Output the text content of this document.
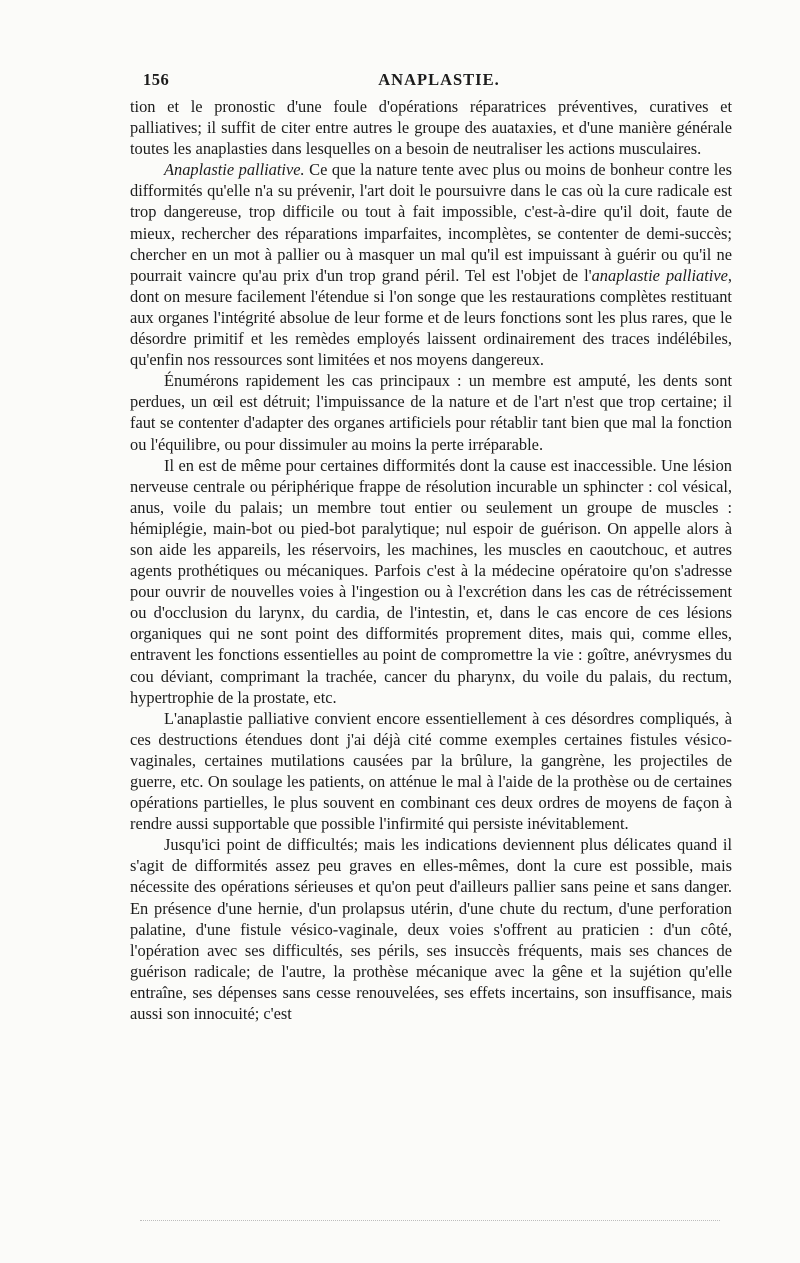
156	ANAPLASTIE.

tion et le pronostic d'une foule d'opérations réparatrices préventives, curatives et palliatives; il suffit de citer entre autres le groupe des auataxies, et d'une manière générale toutes les anaplasties dans lesquelles on a besoin de neutraliser les actions musculaires.

Anaplastie palliative. Ce que la nature tente avec plus ou moins de bonheur contre les difformités qu'elle n'a su prévenir, l'art doit le poursuivre dans le cas où la cure radicale est trop dangereuse, trop difficile ou tout à fait impossible, c'est-à-dire qu'il doit, faute de mieux, rechercher des réparations imparfaites, incomplètes, se contenter de demi-succès; chercher en un mot à pallier ou à masquer un mal qu'il est impuissant à guérir ou qu'il ne pourrait vaincre qu'au prix d'un trop grand péril. Tel est l'objet de l'anaplastie palliative, dont on mesure facilement l'étendue si l'on songe que les restaurations complètes restituant aux organes l'intégrité absolue de leur forme et de leurs fonctions sont les plus rares, que le désordre primitif et les remèdes employés laissent ordinairement des traces indélébiles, qu'enfin nos ressources sont limitées et nos moyens dangereux.

Énumérons rapidement les cas principaux : un membre est amputé, les dents sont perdues, un œil est détruit; l'impuissance de la nature et de l'art n'est que trop certaine; il faut se contenter d'adapter des organes artificiels pour rétablir tant bien que mal la fonction ou l'équilibre, ou pour dissimuler au moins la perte irréparable.

Il en est de même pour certaines difformités dont la cause est inaccessible. Une lésion nerveuse centrale ou périphérique frappe de résolution incurable un sphincter : col vésical, anus, voile du palais; un membre tout entier ou seulement un groupe de muscles : hémiplégie, main-bot ou pied-bot paralytique; nul espoir de guérison. On appelle alors à son aide les appareils, les réservoirs, les machines, les muscles en caoutchouc, et autres agents prothétiques ou mécaniques. Parfois c'est à la médecine opératoire qu'on s'adresse pour ouvrir de nouvelles voies à l'ingestion ou à l'excrétion dans les cas de rétrécissement ou d'occlusion du larynx, du cardia, de l'intestin, et, dans le cas encore de ces lésions organiques qui ne sont point des difformités proprement dites, mais qui, comme elles, entravent les fonctions essentielles au point de compromettre la vie : goître, anévrysmes du cou déviant, comprimant la trachée, cancer du pharynx, du voile du palais, du rectum, hypertrophie de la prostate, etc.

L'anaplastie palliative convient encore essentiellement à ces désordres compliqués, à ces destructions étendues dont j'ai déjà cité comme exemples certaines fistules vésico-vaginales, certaines mutilations causées par la brûlure, la gangrène, les projectiles de guerre, etc. On soulage les patients, on atténue le mal à l'aide de la prothèse ou de certaines opérations partielles, le plus souvent en combinant ces deux ordres de moyens de façon à rendre aussi supportable que possible l'infirmité qui persiste inévitablement.

Jusqu'ici point de difficultés; mais les indications deviennent plus délicates quand il s'agit de difformités assez peu graves en elles-mêmes, dont la cure est possible, mais nécessite des opérations sérieuses et qu'on peut d'ailleurs pallier sans peine et sans danger. En présence d'une hernie, d'un prolapsus utérin, d'une chute du rectum, d'une perforation palatine, d'une fistule vésico-vaginale, deux voies s'offrent au praticien : d'un côté, l'opération avec ses difficultés, ses périls, ses insuccès fréquents, mais ses chances de guérison radicale; de l'autre, la prothèse mécanique avec la gêne et la sujétion qu'elle entraîne, ses dépenses sans cesse renouvelées, ses effets incertains, son insuffisance, mais aussi son innocuité; c'est
